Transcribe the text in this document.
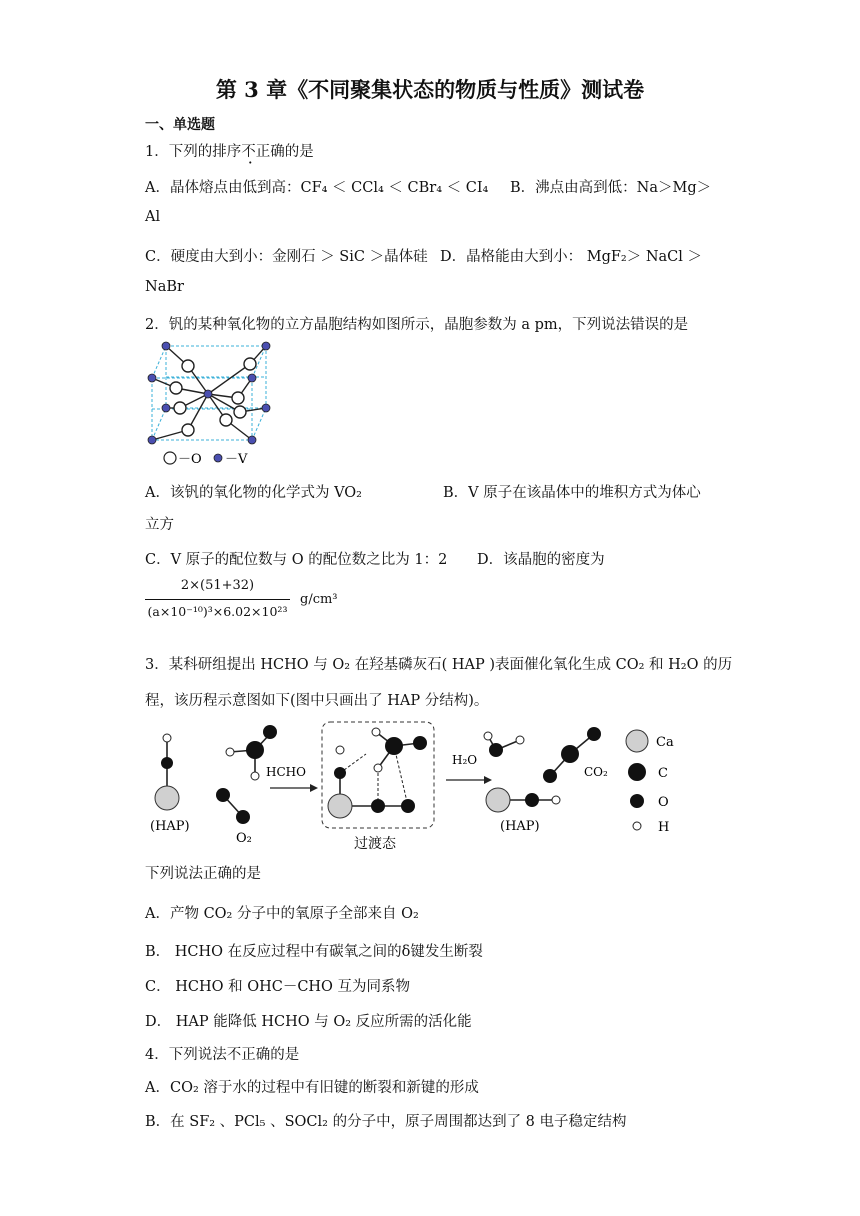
第 3 章《不同聚集状态的物质与性质》测试卷
一、单选题
1．下列的排序不正确的是
A．晶体熔点由低到高：CF₄ ＜ CCl₄ ＜ CBr₄ ＜ CI₄ B．沸点由高到低：Na＞Mg＞
Al
C．硬度由大到小：金刚石 ＞ SiC ＞晶体硅 D．晶格能由大到小： MgF₂＞ NaCl ＞
NaBr
2．钒的某种氧化物的立方晶胞结构如图所示，晶胞参数为 a pm，下列说法错误的是
－O －V
A．该钒的氧化物的化学式为 VO₂	B．V 原子在该晶体中的堆积方式为体心
立方
C．V 原子的配位数与 O 的配位数之比为 1：2 D．该晶胞的密度为
2×(51+32)
(a×10⁻¹⁰)³×6.02×10²³
g/cm³
3．某科研组提出 HCHO 与 O₂ 在羟基磷灰石( HAP )表面催化氧化生成 CO₂ 和 H₂O 的历
程，该历程示意图如下(图中只画出了 HAP 分结构)。
(HAP)
O₂
HCHO
过渡态
H₂O
CO₂
(HAP)
Ca
C
O
H
下列说法正确的是
A．产物 CO₂ 分子中的氧原子全部来自 O₂
B． HCHO 在反应过程中有碳氧之间的δ键发生断裂
C． HCHO 和 OHC－CHO 互为同系物
D． HAP 能降低 HCHO 与 O₂ 反应所需的活化能
4．下列说法不正确的是
A．CO₂ 溶于水的过程中有旧键的断裂和新键的形成
B．在 SF₂ 、PCl₅ 、SOCl₂ 的分子中，原子周围都达到了 8 电子稳定结构
